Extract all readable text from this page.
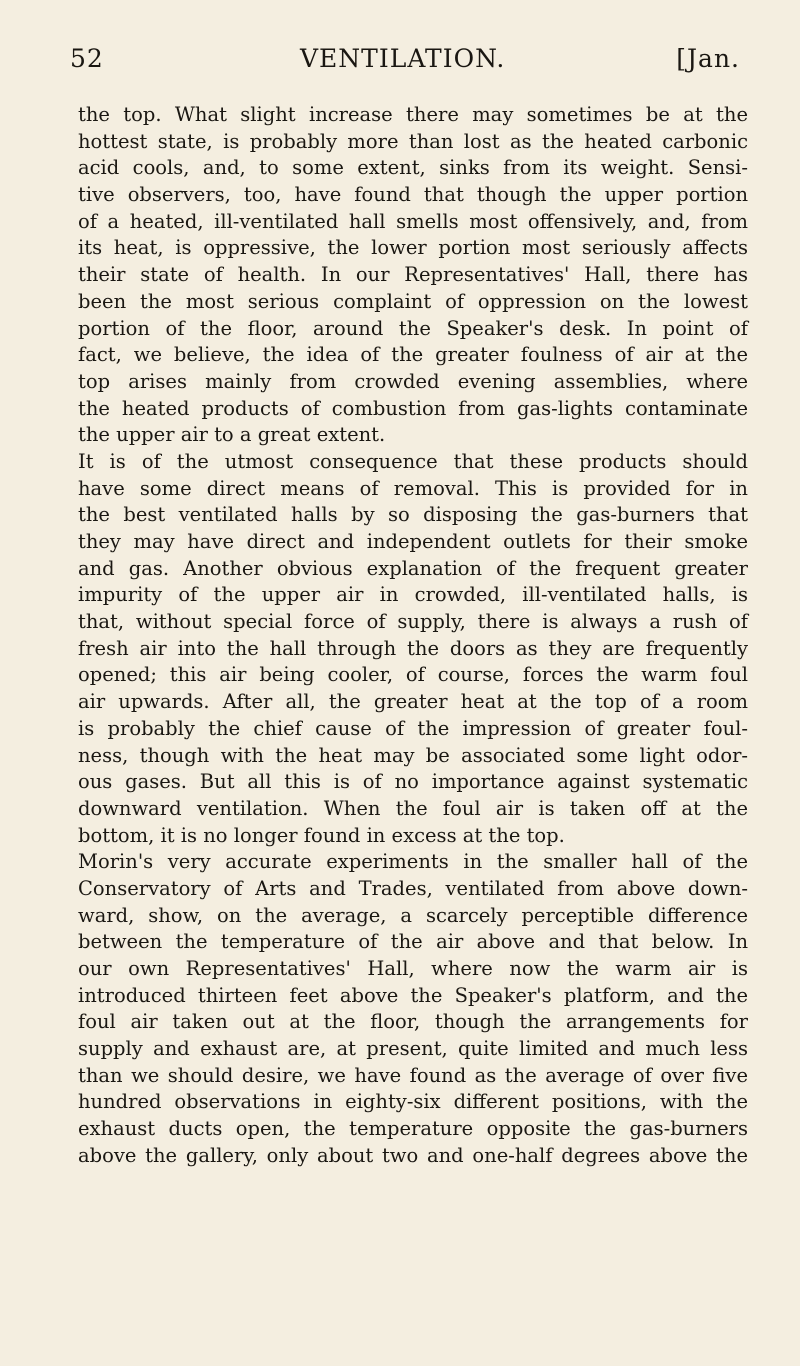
52	VENTILATION.	[Jan.
the top. What slight increase there may sometimes be at the
hottest state, is probably more than lost as the heated carbonic
acid cools, and, to some extent, sinks from its weight. Sensi-
tive observers, too, have found that though the upper portion
of a heated, ill-ventilated hall smells most offensively, and, from
its heat, is oppressive, the lower portion most seriously affects
their state of health. In our Representatives' Hall, there has
been the most serious complaint of oppression on the lowest
portion of the floor, around the Speaker's desk. In point of
fact, we believe, the idea of the greater foulness of air at the
top arises mainly from crowded evening assemblies, where
the heated products of combustion from gas-lights contaminate
the upper air to a great extent.
It is of the utmost consequence that these products should
have some direct means of removal. This is provided for in
the best ventilated halls by so disposing the gas-burners that
they may have direct and independent outlets for their smoke
and gas. Another obvious explanation of the frequent greater
impurity of the upper air in crowded, ill-ventilated halls, is
that, without special force of supply, there is always a rush of
fresh air into the hall through the doors as they are frequently
opened; this air being cooler, of course, forces the warm foul
air upwards. After all, the greater heat at the top of a room
is probably the chief cause of the impression of greater foul-
ness, though with the heat may be associated some light odor-
ous gases. But all this is of no importance against systematic
downward ventilation. When the foul air is taken off at the
bottom, it is no longer found in excess at the top.
Morin's very accurate experiments in the smaller hall of the
Conservatory of Arts and Trades, ventilated from above down-
ward, show, on the average, a scarcely perceptible difference
between the temperature of the air above and that below. In
our own Representatives' Hall, where now the warm air is
introduced thirteen feet above the Speaker's platform, and the
foul air taken out at the floor, though the arrangements for
supply and exhaust are, at present, quite limited and much less
than we should desire, we have found as the average of over five
hundred observations in eighty-six different positions, with the
exhaust ducts open, the temperature opposite the gas-burners
above the gallery, only about two and one-half degrees above the
